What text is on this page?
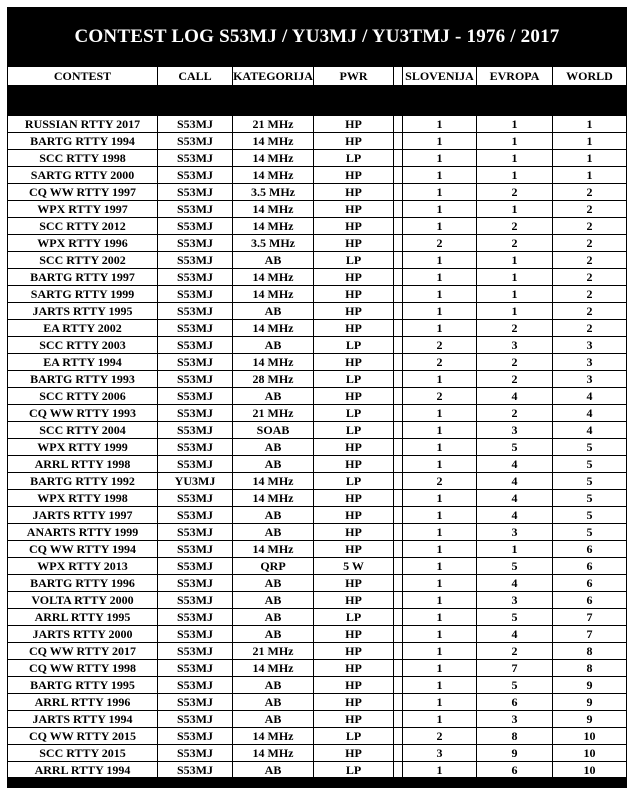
CONTEST LOG S53MJ / YU3MJ / YU3TMJ - 1976 / 2017
CONTEST	CALL	KATEGORIJA	PWR	SLOVENIJA	EVROPA	WORLD
RUSSIAN RTTY 2017	S53MJ	21 MHz	HP	1	1	1
BARTG RTTY 1994	S53MJ	14 MHz	HP	1	1	1
SCC RTTY 1998	S53MJ	14 MHz	LP	1	1	1
SARTG RTTY 2000	S53MJ	14 MHz	HP	1	1	1
CQ WW RTTY 1997	S53MJ	3.5 MHz	HP	1	2	2
WPX RTTY 1997	S53MJ	14 MHz	HP	1	1	2
SCC RTTY 2012	S53MJ	14 MHz	HP	1	2	2
WPX RTTY 1996	S53MJ	3.5 MHz	HP	2	2	2
SCC RTTY 2002	S53MJ	AB	LP	1	1	2
BARTG RTTY 1997	S53MJ	14 MHz	HP	1	1	2
SARTG RTTY 1999	S53MJ	14 MHz	HP	1	1	2
JARTS RTTY 1995	S53MJ	AB	HP	1	1	2
EA RTTY 2002	S53MJ	14 MHz	HP	1	2	2
SCC RTTY 2003	S53MJ	AB	LP	2	3	3
EA RTTY 1994	S53MJ	14 MHz	HP	2	2	3
BARTG RTTY 1993	S53MJ	28 MHz	LP	1	2	3
SCC RTTY 2006	S53MJ	AB	HP	2	4	4
CQ WW RTTY 1993	S53MJ	21 MHz	LP	1	2	4
SCC RTTY 2004	S53MJ	SOAB	LP	1	3	4
WPX RTTY 1999	S53MJ	AB	HP	1	5	5
ARRL RTTY 1998	S53MJ	AB	HP	1	4	5
BARTG RTTY 1992	YU3MJ	14 MHz	LP	2	4	5
WPX RTTY 1998	S53MJ	14 MHz	HP	1	4	5
JARTS RTTY 1997	S53MJ	AB	HP	1	4	5
ANARTS RTTY 1999	S53MJ	AB	HP	1	3	5
CQ WW RTTY 1994	S53MJ	14 MHz	HP	1	1	6
WPX RTTY 2013	S53MJ	QRP	5 W	1	5	6
BARTG RTTY 1996	S53MJ	AB	HP	1	4	6
VOLTA RTTY 2000	S53MJ	AB	HP	1	3	6
ARRL RTTY 1995	S53MJ	AB	LP	1	5	7
JARTS RTTY 2000	S53MJ	AB	HP	1	4	7
CQ WW RTTY 2017	S53MJ	21 MHz	HP	1	2	8
CQ WW RTTY 1998	S53MJ	14 MHz	HP	1	7	8
BARTG RTTY 1995	S53MJ	AB	HP	1	5	9
ARRL RTTY 1996	S53MJ	AB	HP	1	6	9
JARTS RTTY 1994	S53MJ	AB	HP	1	3	9
CQ WW RTTY 2015	S53MJ	14 MHz	LP	2	8	10
SCC RTTY 2015	S53MJ	14 MHz	HP	3	9	10
ARRL RTTY 1994	S53MJ	AB	LP	1	6	10
